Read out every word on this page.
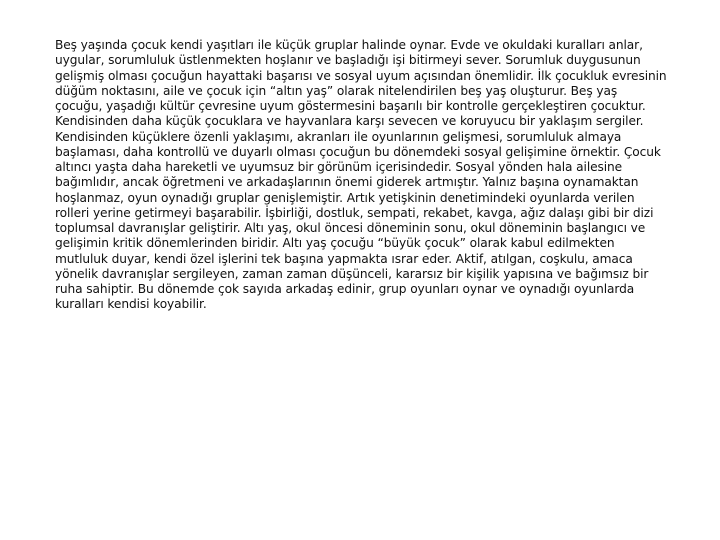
Beş yaşında çocuk kendi yaşıtları ile küçük gruplar halinde oynar. Evde ve okuldaki kuralları anlar, uygular, sorumluluk üstlenmekten hoşlanır ve başladığı işi bitirmeyi sever. Sorumluk duygusunun gelişmiş olması çocuğun hayattaki başarısı ve sosyal uyum açısından önemlidir. İlk çocukluk evresinin düğüm noktasını, aile ve çocuk için “altın yaş” olarak nitelendirilen beş yaş oluşturur. Beş yaş çocuğu, yaşadığı kültür çevresine uyum göstermesini başarılı bir kontrolle gerçekleştiren çocuktur. Kendisinden daha küçük çocuklara ve hayvanlara karşı sevecen ve koruyucu bir yaklaşım sergiler. Kendisinden küçüklere özenli yaklaşımı, akranları ile oyunlarının gelişmesi, sorumluluk almaya başlaması, daha kontrollü ve duyarlı olması çocuğun bu dönemdeki sosyal gelişimine örnektir. Çocuk altıncı yaşta daha hareketli ve uyumsuz bir görünüm içerisindedir. Sosyal yönden hala ailesine bağımlıdır, ancak öğretmeni ve arkadaşlarının önemi giderek artmıştır. Yalnız başına oynamaktan hoşlanmaz, oyun oynadığı gruplar genişlemiştir. Artık yetişkinin denetimindeki oyunlarda verilen rolleri yerine getirmeyi başarabilir. İşbirliği, dostluk, sempati, rekabet, kavga, ağız dalaşı gibi bir dizi toplumsal davranışlar geliştirir. Altı yaş, okul öncesi döneminin sonu, okul döneminin başlangıcı ve gelişimin kritik dönemlerinden biridir. Altı yaş çocuğu “büyük çocuk” olarak kabul edilmekten mutluluk duyar, kendi özel işlerini tek başına yapmakta ısrar eder. Aktif, atılgan, coşkulu, amaca yönelik davranışlar sergileyen, zaman zaman düşünceli, kararsız bir kişilik yapısına ve bağımsız bir ruha sahiptir. Bu dönemde çok sayıda arkadaş edinir, grup oyunları oynar ve oynadığı oyunlarda kuralları kendisi koyabilir.
